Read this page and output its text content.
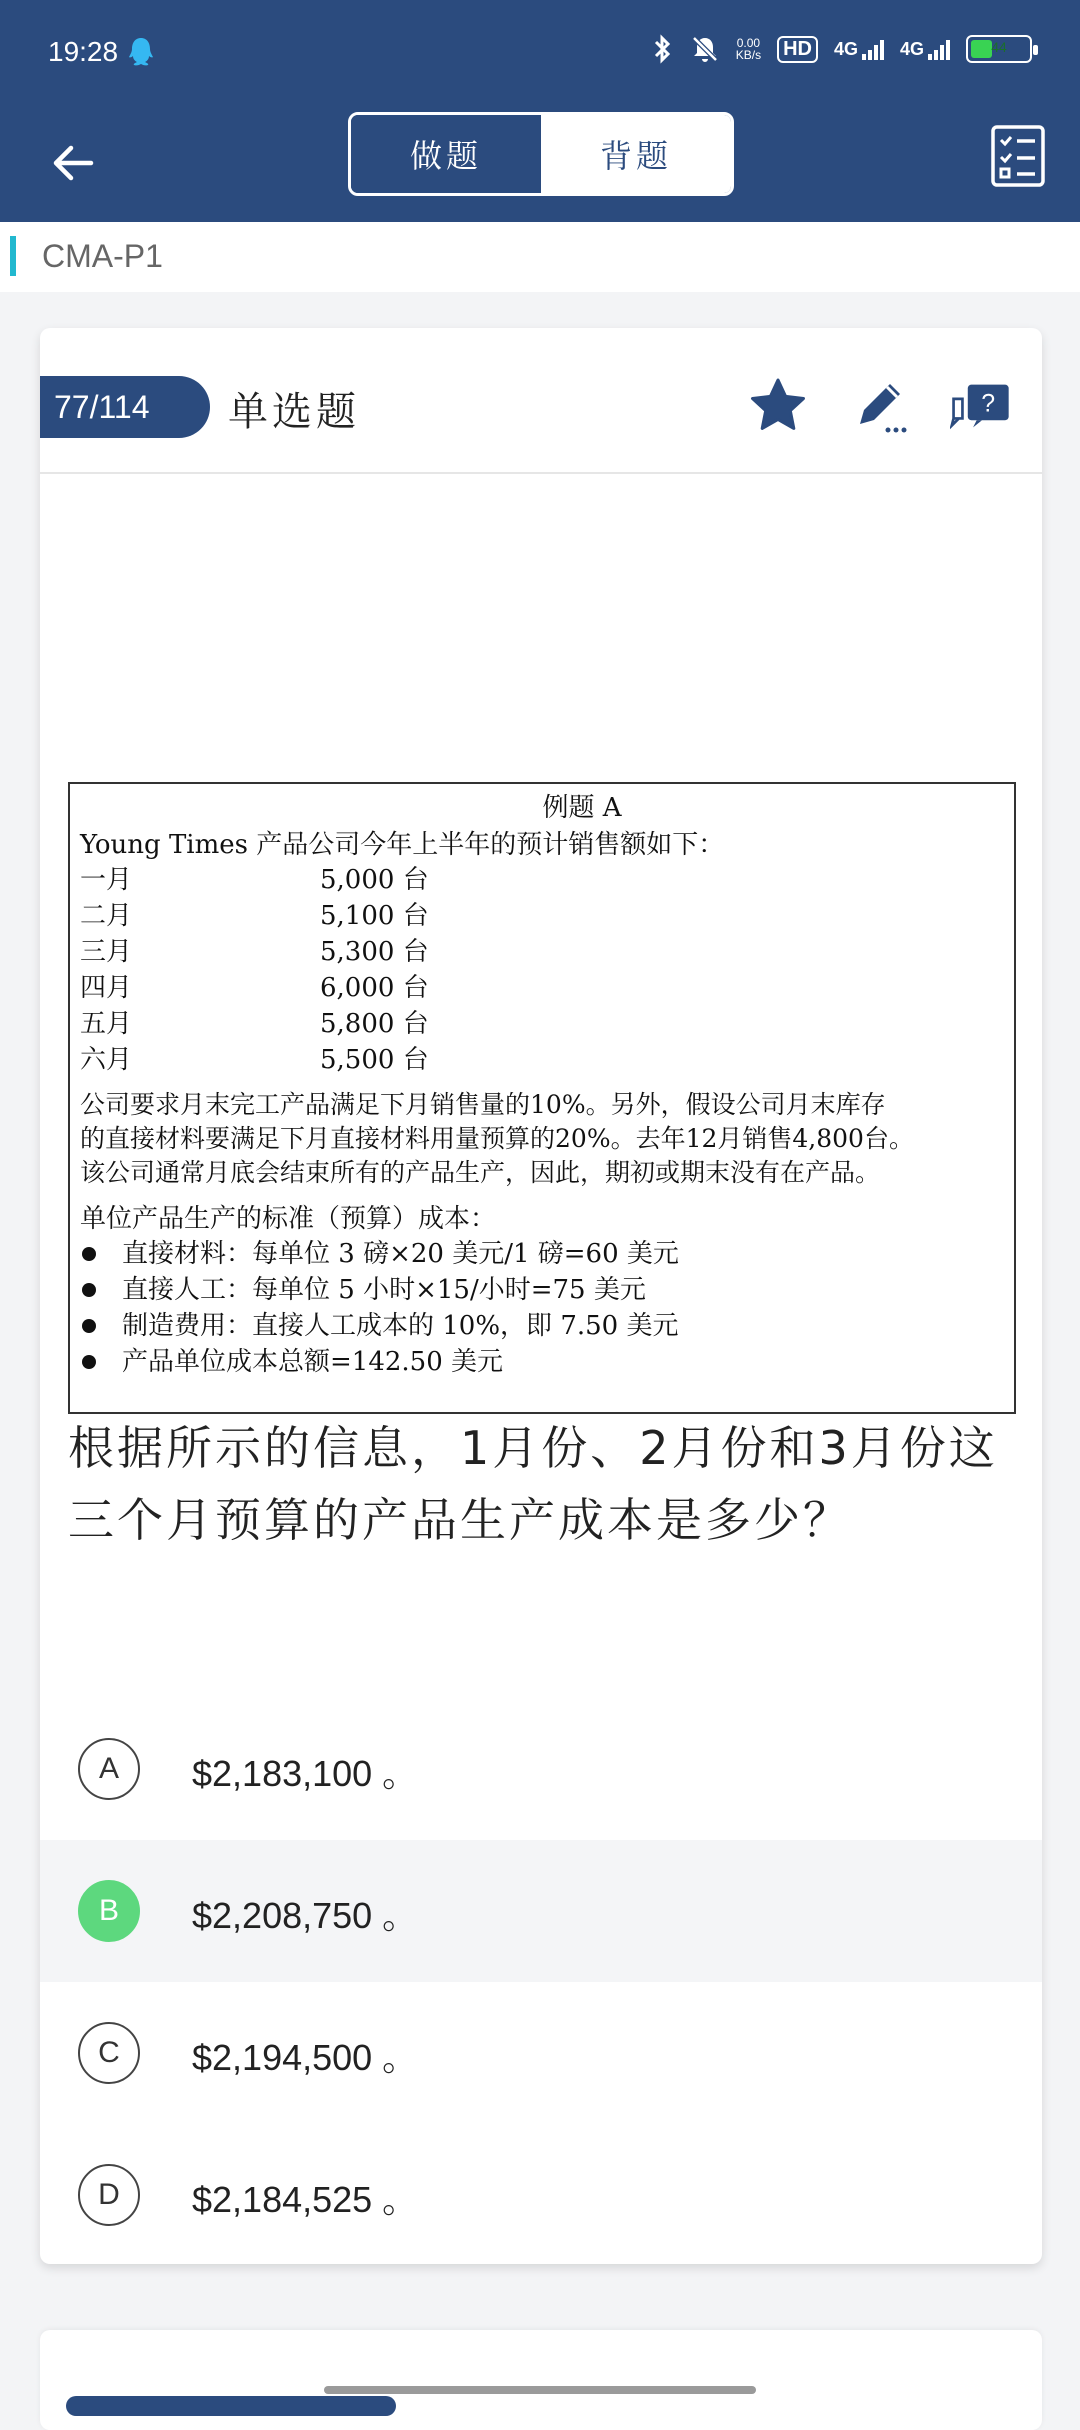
19:28	0.00
KB/s	HD	4G 4G	44
做题	背题
CMA-P1
77/114	单选题	?
例题 A
Young Times 产品公司今年上半年的预计销售额如下：
一月	5,000 台
二月	5,100 台
三月	5,300 台
四月	6,000 台
五月	5,800 台
六月	5,500 台
公司要求月末完工产品满足下月销售量的10%。另外，假设公司月末库存
的直接材料要满足下月直接材料用量预算的20%。去年12月销售4,800台。
该公司通常月底会结束所有的产品生产，因此，期初或期末没有在产品。
单位产品生产的标准（预算）成本：
直接材料：每单位 3 磅×20 美元/1 磅=60 美元
直接人工：每单位 5 小时×15/小时=75 美元
制造费用：直接人工成本的 10%，即 7.50 美元
产品单位成本总额=142.50 美元
根据所示的信息，1月份、2月份和3月份这三个月预算的产品生产成本是多少？
A	$2,183,100 。
B	$2,208,750 。
C	$2,194,500 。
D	$2,184,525 。
